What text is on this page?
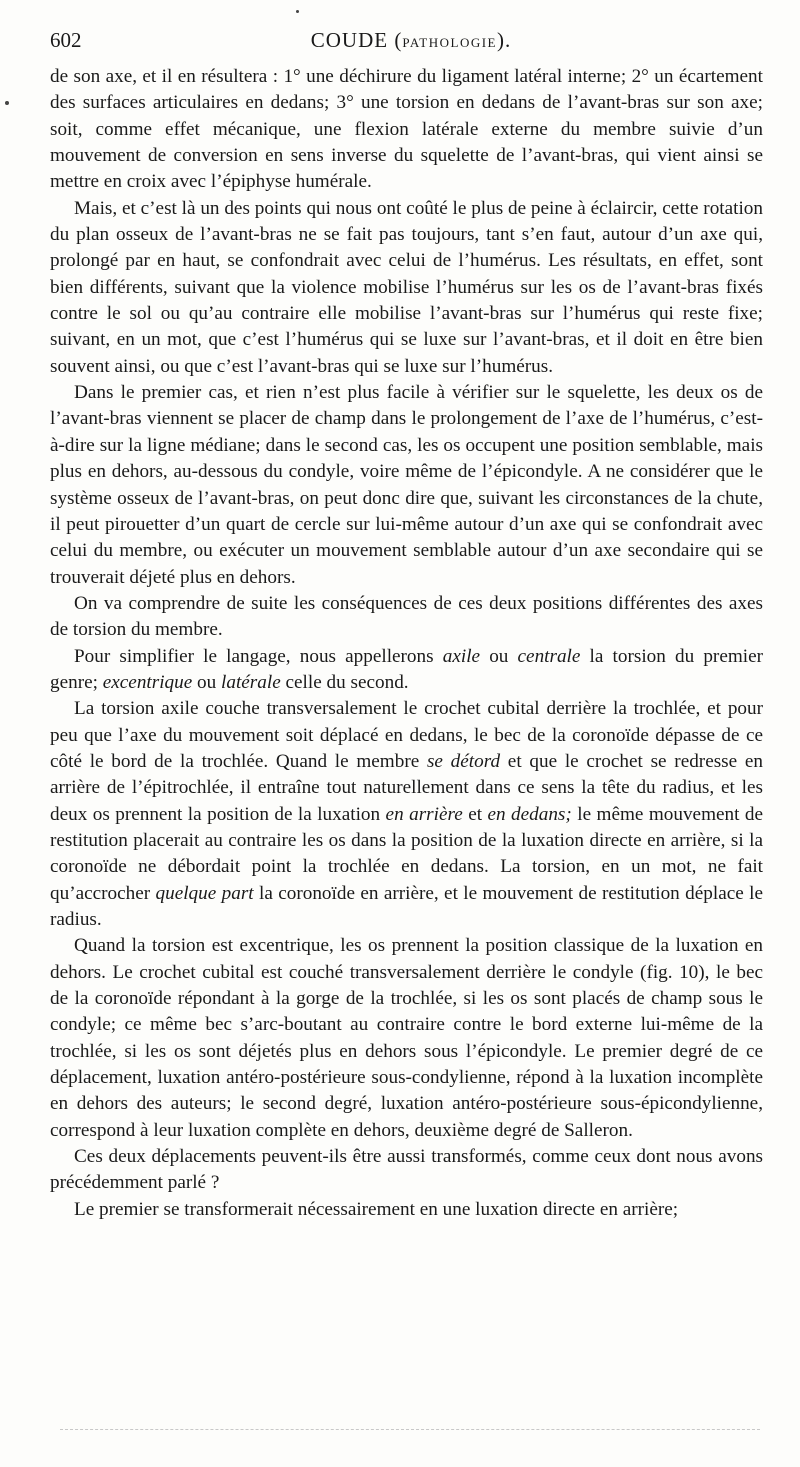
602	COUDE (PATHOLOGIE).

de son axe, et il en résultera : 1° une déchirure du ligament latéral interne; 2° un écartement des surfaces articulaires en dedans; 3° une torsion en dedans de l’avant-bras sur son axe; soit, comme effet mécanique, une flexion latérale externe du membre suivie d’un mouvement de conversion en sens inverse du squelette de l’avant-bras, qui vient ainsi se mettre en croix avec l’épiphyse humérale.

Mais, et c’est là un des points qui nous ont coûté le plus de peine à éclaircir, cette rotation du plan osseux de l’avant-bras ne se fait pas toujours, tant s’en faut, autour d’un axe qui, prolongé par en haut, se confondrait avec celui de l’humérus. Les résultats, en effet, sont bien différents, suivant que la violence mobilise l’humérus sur les os de l’avant-bras fixés contre le sol ou qu’au contraire elle mobilise l’avant-bras sur l’humérus qui reste fixe; suivant, en un mot, que c’est l’humérus qui se luxe sur l’avant-bras, et il doit en être bien souvent ainsi, ou que c’est l’avant-bras qui se luxe sur l’humérus.

Dans le premier cas, et rien n’est plus facile à vérifier sur le squelette, les deux os de l’avant-bras viennent se placer de champ dans le prolongement de l’axe de l’humérus, c’est-à-dire sur la ligne médiane; dans le second cas, les os occupent une position semblable, mais plus en dehors, au-dessous du condyle, voire même de l’épicondyle. A ne considérer que le système osseux de l’avant-bras, on peut donc dire que, suivant les circonstances de la chute, il peut pirouetter d’un quart de cercle sur lui-même autour d’un axe qui se confondrait avec celui du membre, ou exécuter un mouvement semblable autour d’un axe secondaire qui se trouverait déjeté plus en dehors.

On va comprendre de suite les conséquences de ces deux positions différentes des axes de torsion du membre.

Pour simplifier le langage, nous appellerons axile ou centrale la torsion du premier genre; excentrique ou latérale celle du second.

La torsion axile couche transversalement le crochet cubital derrière la trochlée, et pour peu que l’axe du mouvement soit déplacé en dedans, le bec de la coronoïde dépasse de ce côté le bord de la trochlée. Quand le membre se détord et que le crochet se redresse en arrière de l’épitrochlée, il entraîne tout naturellement dans ce sens la tête du radius, et les deux os prennent la position de la luxation en arrière et en dedans; le même mouvement de restitution placerait au contraire les os dans la position de la luxation directe en arrière, si la coronoïde ne débordait point la trochlée en dedans. La torsion, en un mot, ne fait qu’accrocher quelque part la coronoïde en arrière, et le mouvement de restitution déplace le radius.

Quand la torsion est excentrique, les os prennent la position classique de la luxation en dehors. Le crochet cubital est couché transversalement derrière le condyle (fig. 10), le bec de la coronoïde répondant à la gorge de la trochlée, si les os sont placés de champ sous le condyle; ce même bec s’arc-boutant au contraire contre le bord externe lui-même de la trochlée, si les os sont déjetés plus en dehors sous l’épicondyle. Le premier degré de ce déplacement, luxation antéro-postérieure sous-condylienne, répond à la luxation incomplète en dehors des auteurs; le second degré, luxation antéro-postérieure sous-épicondylienne, correspond à leur luxation complète en dehors, deuxième degré de Salleron.

Ces deux déplacements peuvent-ils être aussi transformés, comme ceux dont nous avons précédemment parlé ?

Le premier se transformerait nécessairement en une luxation directe en arrière;
